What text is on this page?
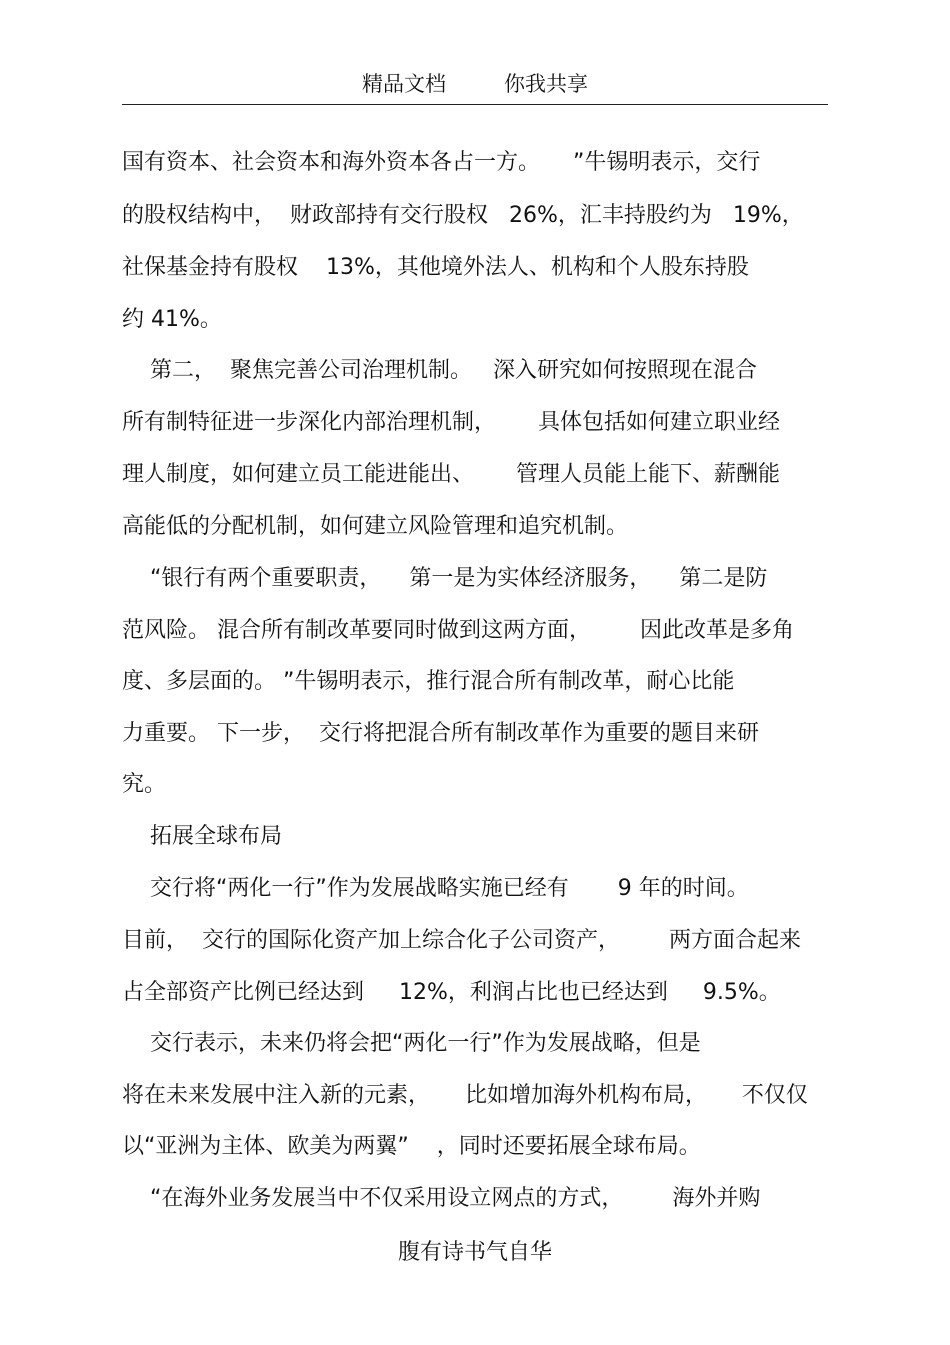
精品文档	你我共享

国有资本、社会资本和海外资本各占一方。　　”牛锡明表示，交行

的股权结构中，  财政部持有交行股权   26%，汇丰持股约为   19%，

社保基金持有股权    13%，其他境外法人、机构和个人股东持股

约 41%。

第二，  聚焦完善公司治理机制。   深入研究如何按照现在混合

所有制特征进一步深化内部治理机制，      具体包括如何建立职业经

理人制度，如何建立员工能进能出、      管理人员能上能下、薪酬能

高能低的分配机制，如何建立风险管理和追究机制。

“银行有两个重要职责，    第一是为实体经济服务，    第二是防

范风险。 混合所有制改革要同时做到这两方面，       因此改革是多角

度、多层面的。 ”牛锡明表示，推行混合所有制改革，耐心比能

力重要。 下一步，  交行将把混合所有制改革作为重要的题目来研

究。

拓展全球布局

交行将“两化一行”作为发展战略实施已经有       9 年的时间。

目前，  交行的国际化资产加上综合化子公司资产，       两方面合起来

占全部资产比例已经达到     12%，利润占比也已经达到     9.5%。

交行表示，未来仍将会把“两化一行”作为发展战略，但是

将在未来发展中注入新的元素，     比如增加海外机构布局，     不仅仅

以“亚洲为主体、欧美为两翼”    ，同时还要拓展全球布局。

“在海外业务发展当中不仅采用设立网点的方式，       海外并购

腹有诗书气自华
